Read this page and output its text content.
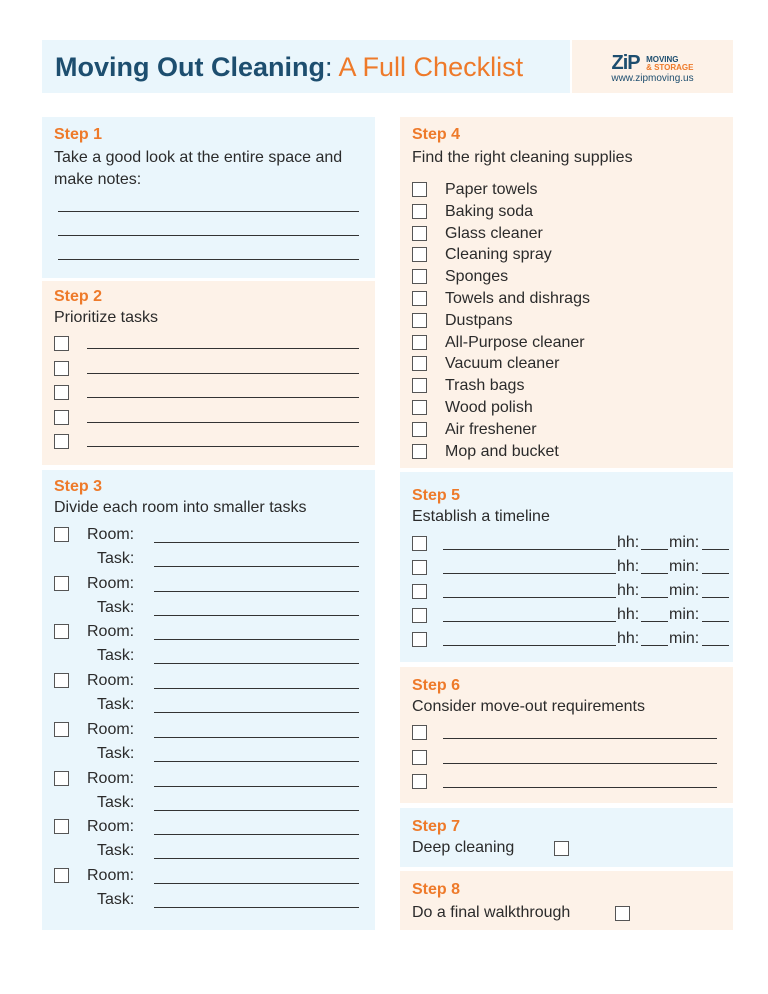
Moving Out Cleaning: A Full Checklist	ZiP MOVING
& STORAGE
www.zipmoving.us
Step 1
Take a good look at the entire space and make notes:
Step 2
Prioritize tasks
Step 3
Divide each room into smaller tasks
Room:
Task:
Room:
Task:
Room:
Task:
Room:
Task:
Room:
Task:
Room:
Task:
Room:
Task:
Room:
Task:
Step 4
Find the right cleaning supplies
Paper towels
Baking soda
Glass cleaner
Cleaning spray
Sponges
Towels and dishrags
Dustpans
All-Purpose cleaner
Vacuum cleaner
Trash bags
Wood polish
Air freshener
Mop and bucket
Step 5
Establish a timeline
hh: min:
hh: min:
hh: min:
hh: min:
hh: min:
Step 6
Consider move-out requirements
Step 7
Deep cleaning
Step 8
Do a final walkthrough
